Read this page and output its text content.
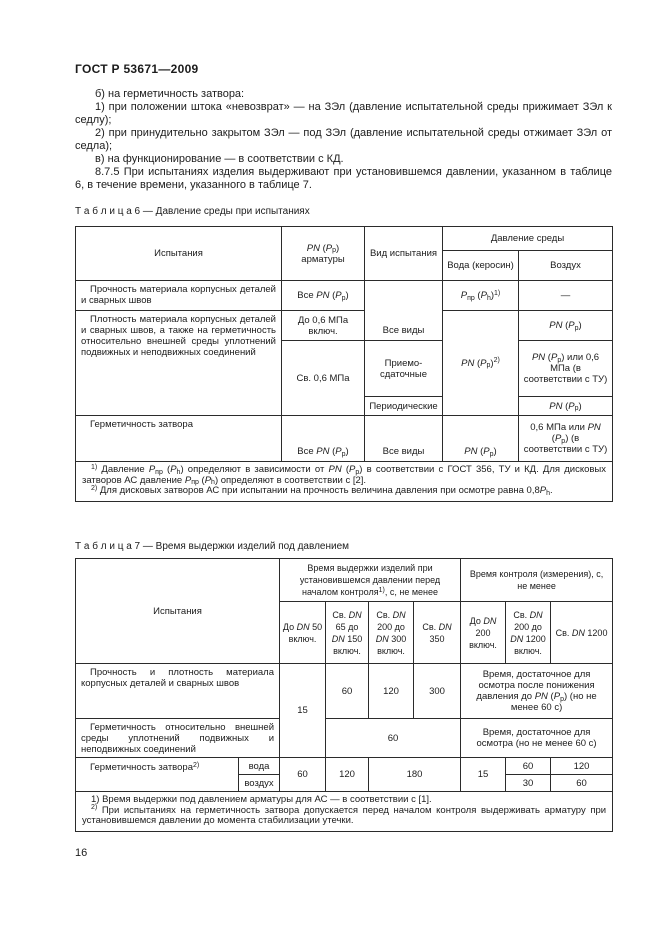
ГОСТ Р 53671—2009

б) на герметичность затвора:

1) при положении штока «невозврат» — на ЗЭл (давление испытательной среды прижимает ЗЭл к седлу);

2) при принудительно закрытом ЗЭл — под ЗЭл (давление испытательной среды отжимает ЗЭл от седла);

в) на функционирование — в соответствии с КД.

8.7.5 При испытаниях изделия выдерживают при установившемся давлении, указанном в таблице 6, в течение времени, указанного в таблице 7.

Т а б л и ц а 6 — Давление среды при испытаниях
Испытания	PN $(P_р)$ арматуры	Вид испытания	Давление среды	
			Вода (керосин)	Воздух
Прочность материала корпусных деталей и сварных швов	Все PN $(P_р)$	Все виды	$P_{пр}$ $(P_h)^{1)}$	—
Плотность материала корпусных деталей и сварных швов, а также на герметичность относительно внешней среды уплотнений подвижных и неподвижных соединений	До 0,6 МПа включ.		PN $(P_р)^{2)}$	PN $(P_р)$
	Св. 0,6 МПа	Приемо-сдаточные		PN $(P_р)$ или 0,6 МПа (в соответствии с ТУ)
		Периодические		PN $(P_р)$
Герметичность затвора	Все PN $(P_р)$	Все виды	PN $(P_р)$	0,6 МПа или PN $(P_р)$ (в соответствии с ТУ)

$^{1)}$ Давление $P_{пр}$ $(P_h)$ определяют в зависимости от PN $(P_р)$ в соответствии с ГОСТ 356, ТУ и КД. Для дисковых затворов АС давление $P_{пр}$ $(P_h)$ определяют в соответствии с [2].

$^{2)}$ Для дисковых затворов АС при испытании на прочность величина давления при осмотре равна $0,8P_h$.				

Т а б л и ц а 7 — Время выдержки изделий под давлением
Испытания		Время выдержки изделий при установившемся давлении перед началом контроля$^{1)}$, с, не менее				Время контроля (измерения), с, не менее		
		До DN 50 включ.	Св. DN 65 до DN 150 включ.	Св. DN 200 до DN 300 включ.	Св. DN 350	До DN 200 включ.	Св. DN 200 до DN 1200 включ.	Св. DN 1200
Прочность и плотность материала корпусных деталей и сварных швов		15	60	120	300	Время, достаточное для осмотра после понижения давления до PN $(P_р)$ (но не менее 60 с)		
Герметичность относительно внешней среды уплотнений подвижных и неподвижных соединений			60			Время, достаточное для осмотра (но не менее 60 с)		
Герметичность затвора$^{2)}$	вода	60	120	180		15	60	120
	воздух						30	60

1) Время выдержки под давлением арматуры для АС — в соответствии с [1].

$^{2)}$ При испытаниях на герметичность затвора допускается перед началом контроля выдерживать арматуру при установившемся давлении до момента стабилизации утечки.								

16
